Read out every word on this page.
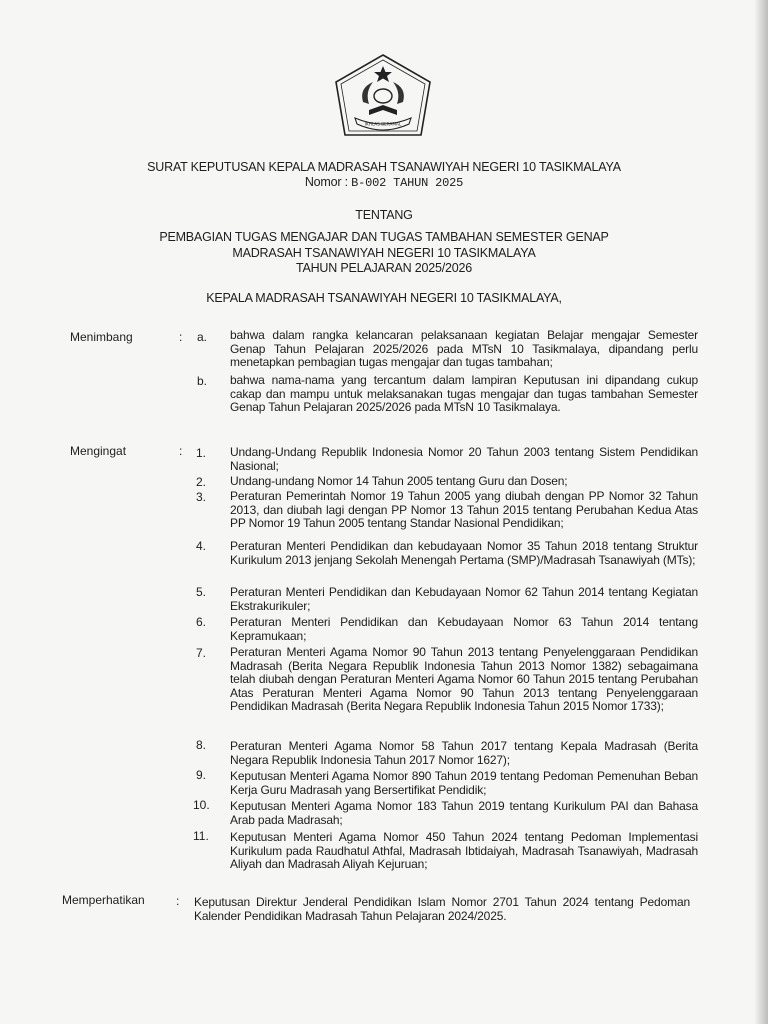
IKHLAS BERAMAL
SURAT KEPUTUSAN KEPALA MADRASAH TSANAWIYAH NEGERI 10 TASIKMALAYA
Nomor : B-002 TAHUN 2025
TENTANG
PEMBAGIAN TUGAS MENGAJAR DAN TUGAS TAMBAHAN SEMESTER GENAP
MADRASAH TSANAWIYAH NEGERI 10 TASIKMALAYA
TAHUN PELAJARAN 2025/2026
KEPALA MADRASAH TSANAWIYAH NEGERI 10 TASIKMALAYA,
Menimbang	: a. bahwa dalam rangka kelancaran pelaksanaan kegiatan Belajar mengajar Semester Genap Tahun Pelajaran 2025/2026 pada MTsN 10 Tasikmalaya, dipandang perlu menetapkan pembagian tugas mengajar dan tugas tambahan;
b. bahwa nama-nama yang tercantum dalam lampiran Keputusan ini dipandang cukup cakap dan mampu untuk melaksanakan tugas mengajar dan tugas tambahan Semester Genap Tahun Pelajaran 2025/2026 pada MTsN 10 Tasikmalaya.
Mengingat	: 1. Undang-Undang Republik Indonesia Nomor 20 Tahun 2003 tentang Sistem Pendidikan Nasional;
2. Undang-undang Nomor 14 Tahun 2005 tentang Guru dan Dosen;
3. Peraturan Pemerintah Nomor 19 Tahun 2005 yang diubah dengan PP Nomor 32 Tahun 2013, dan diubah lagi dengan PP Nomor 13 Tahun 2015 tentang Perubahan Kedua Atas PP Nomor 19 Tahun 2005 tentang Standar Nasional Pendidikan;
4. Peraturan Menteri Pendidikan dan kebudayaan Nomor 35 Tahun 2018 tentang Struktur Kurikulum 2013 jenjang Sekolah Menengah Pertama (SMP)/Madrasah Tsanawiyah (MTs);
5. Peraturan Menteri Pendidikan dan Kebudayaan Nomor 62 Tahun 2014 tentang Kegiatan Ekstrakurikuler;
6. Peraturan Menteri Pendidikan dan Kebudayaan Nomor 63 Tahun 2014 tentang Kepramukaan;
7. Peraturan Menteri Agama Nomor 90 Tahun 2013 tentang Penyelenggaraan Pendidikan Madrasah (Berita Negara Republik Indonesia Tahun 2013 Nomor 1382) sebagaimana telah diubah dengan Peraturan Menteri Agama Nomor 60 Tahun 2015 tentang Perubahan Atas Peraturan Menteri Agama Nomor 90 Tahun 2013 tentang Penyelenggaraan Pendidikan Madrasah (Berita Negara Republik Indonesia Tahun 2015 Nomor 1733);
8. Peraturan Menteri Agama Nomor 58 Tahun 2017 tentang Kepala Madrasah (Berita Negara Republik Indonesia Tahun 2017 Nomor 1627);
9. Keputusan Menteri Agama Nomor 890 Tahun 2019 tentang Pedoman Pemenuhan Beban Kerja Guru Madrasah yang Bersertifikat Pendidik;
10. Keputusan Menteri Agama Nomor 183 Tahun 2019 tentang Kurikulum PAI dan Bahasa Arab pada Madrasah;
11. Keputusan Menteri Agama Nomor 450 Tahun 2024 tentang Pedoman Implementasi Kurikulum pada Raudhatul Athfal, Madrasah Ibtidaiyah, Madrasah Tsanawiyah, Madrasah Aliyah dan Madrasah Aliyah Kejuruan;
Memperhatikan	: Keputusan Direktur Jenderal Pendidikan Islam Nomor 2701 Tahun 2024 tentang Pedoman Kalender Pendidikan Madrasah Tahun Pelajaran 2024/2025.
